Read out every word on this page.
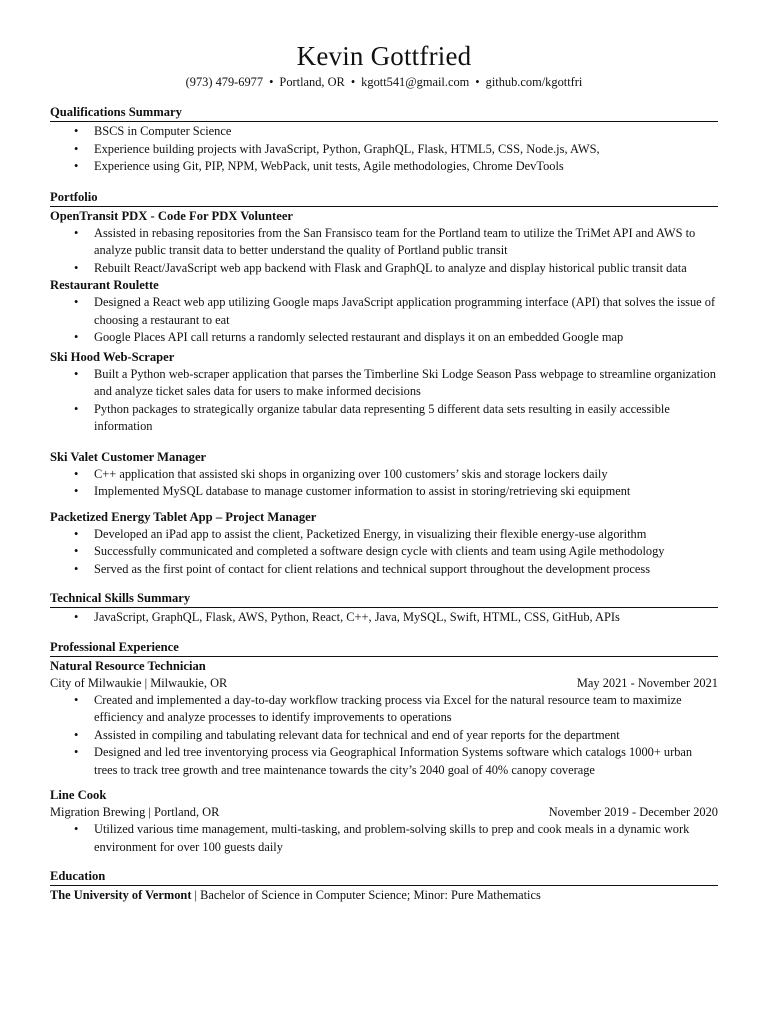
Kevin Gottfried
(973) 479-6977 • Portland, OR • kgott541@gmail.com • github.com/kgottfri
Qualifications Summary
• BSCS in Computer Science
• Experience building projects with JavaScript, Python, GraphQL, Flask, HTML5, CSS, Node.js, AWS,
• Experience using Git, PIP, NPM, WebPack, unit tests, Agile methodologies, Chrome DevTools
Portfolio
OpenTransit PDX - Code For PDX Volunteer
• Assisted in rebasing repositories from the San Fransisco team for the Portland team to utilize the TriMet API and AWS to analyze public transit data to better understand the quality of Portland public transit
• Rebuilt React/JavaScript web app backend with Flask and GraphQL to analyze and display historical public transit data
Restaurant Roulette
• Designed a React web app utilizing Google maps JavaScript application programming interface (API) that solves the issue of choosing a restaurant to eat
• Google Places API call returns a randomly selected restaurant and displays it on an embedded Google map
Ski Hood Web-Scraper
• Built a Python web-scraper application that parses the Timberline Ski Lodge Season Pass webpage to streamline organization and analyze ticket sales data for users to make informed decisions
• Python packages to strategically organize tabular data representing 5 different data sets resulting in easily accessible information
Ski Valet Customer Manager
• C++ application that assisted ski shops in organizing over 100 customers’ skis and storage lockers daily
• Implemented MySQL database to manage customer information to assist in storing/retrieving ski equipment
Packetized Energy Tablet App – Project Manager
• Developed an iPad app to assist the client, Packetized Energy, in visualizing their flexible energy-use algorithm
• Successfully communicated and completed a software design cycle with clients and team using Agile methodology
• Served as the first point of contact for client relations and technical support throughout the development process
Technical Skills Summary
• JavaScript, GraphQL, Flask, AWS, Python, React, C++, Java, MySQL, Swift, HTML, CSS, GitHub, APIs
Professional Experience
Natural Resource Technician
City of Milwaukie | Milwaukie, OR	May 2021 - November 2021
• Created and implemented a day-to-day workflow tracking process via Excel for the natural resource team to maximize efficiency and analyze processes to identify improvements to operations
• Assisted in compiling and tabulating relevant data for technical and end of year reports for the department
• Designed and led tree inventorying process via Geographical Information Systems software which catalogs 1000+ urban trees to track tree growth and tree maintenance towards the city’s 2040 goal of 40% canopy coverage
Line Cook
Migration Brewing | Portland, OR	November 2019 - December 2020
• Utilized various time management, multi-tasking, and problem-solving skills to prep and cook meals in a dynamic work environment for over 100 guests daily
Education
The University of Vermont | Bachelor of Science in Computer Science; Minor: Pure Mathematics
